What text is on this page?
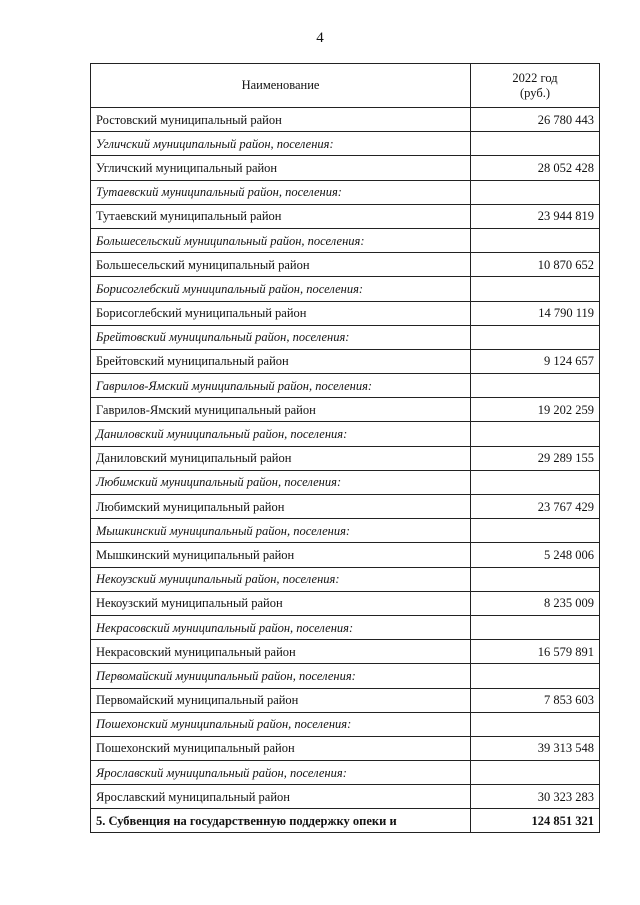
4
Наименование	2022 год
(руб.)
Ростовский муниципальный район	26 780 443
Угличский муниципальный район, поселения:	
Угличский муниципальный район	28 052 428
Тутаевский муниципальный район, поселения:	
Тутаевский муниципальный район	23 944 819
Большесельский муниципальный район, поселения:	
Большесельский муниципальный район	10 870 652
Борисоглебский муниципальный район, поселения:	
Борисоглебский муниципальный район	14 790 119
Брейтовский муниципальный район, поселения:	
Брейтовский муниципальный район	9 124 657
Гаврилов-Ямский муниципальный район, поселения:	
Гаврилов-Ямский муниципальный район	19 202 259
Даниловский муниципальный район, поселения:	
Даниловский муниципальный район	29 289 155
Любимский муниципальный район, поселения:	
Любимский муниципальный район	23 767 429
Мышкинский муниципальный район, поселения:	
Мышкинский муниципальный район	5 248 006
Некоузский муниципальный район, поселения:	
Некоузский муниципальный район	8 235 009
Некрасовский муниципальный район, поселения:	
Некрасовский муниципальный район	16 579 891
Первомайский муниципальный район, поселения:	
Первомайский муниципальный район	7 853 603
Пошехонский муниципальный район, поселения:	
Пошехонский муниципальный район	39 313 548
Ярославский муниципальный район, поселения:	
Ярославский муниципальный район	30 323 283
5. Субвенция на государственную поддержку опеки и	124 851 321
